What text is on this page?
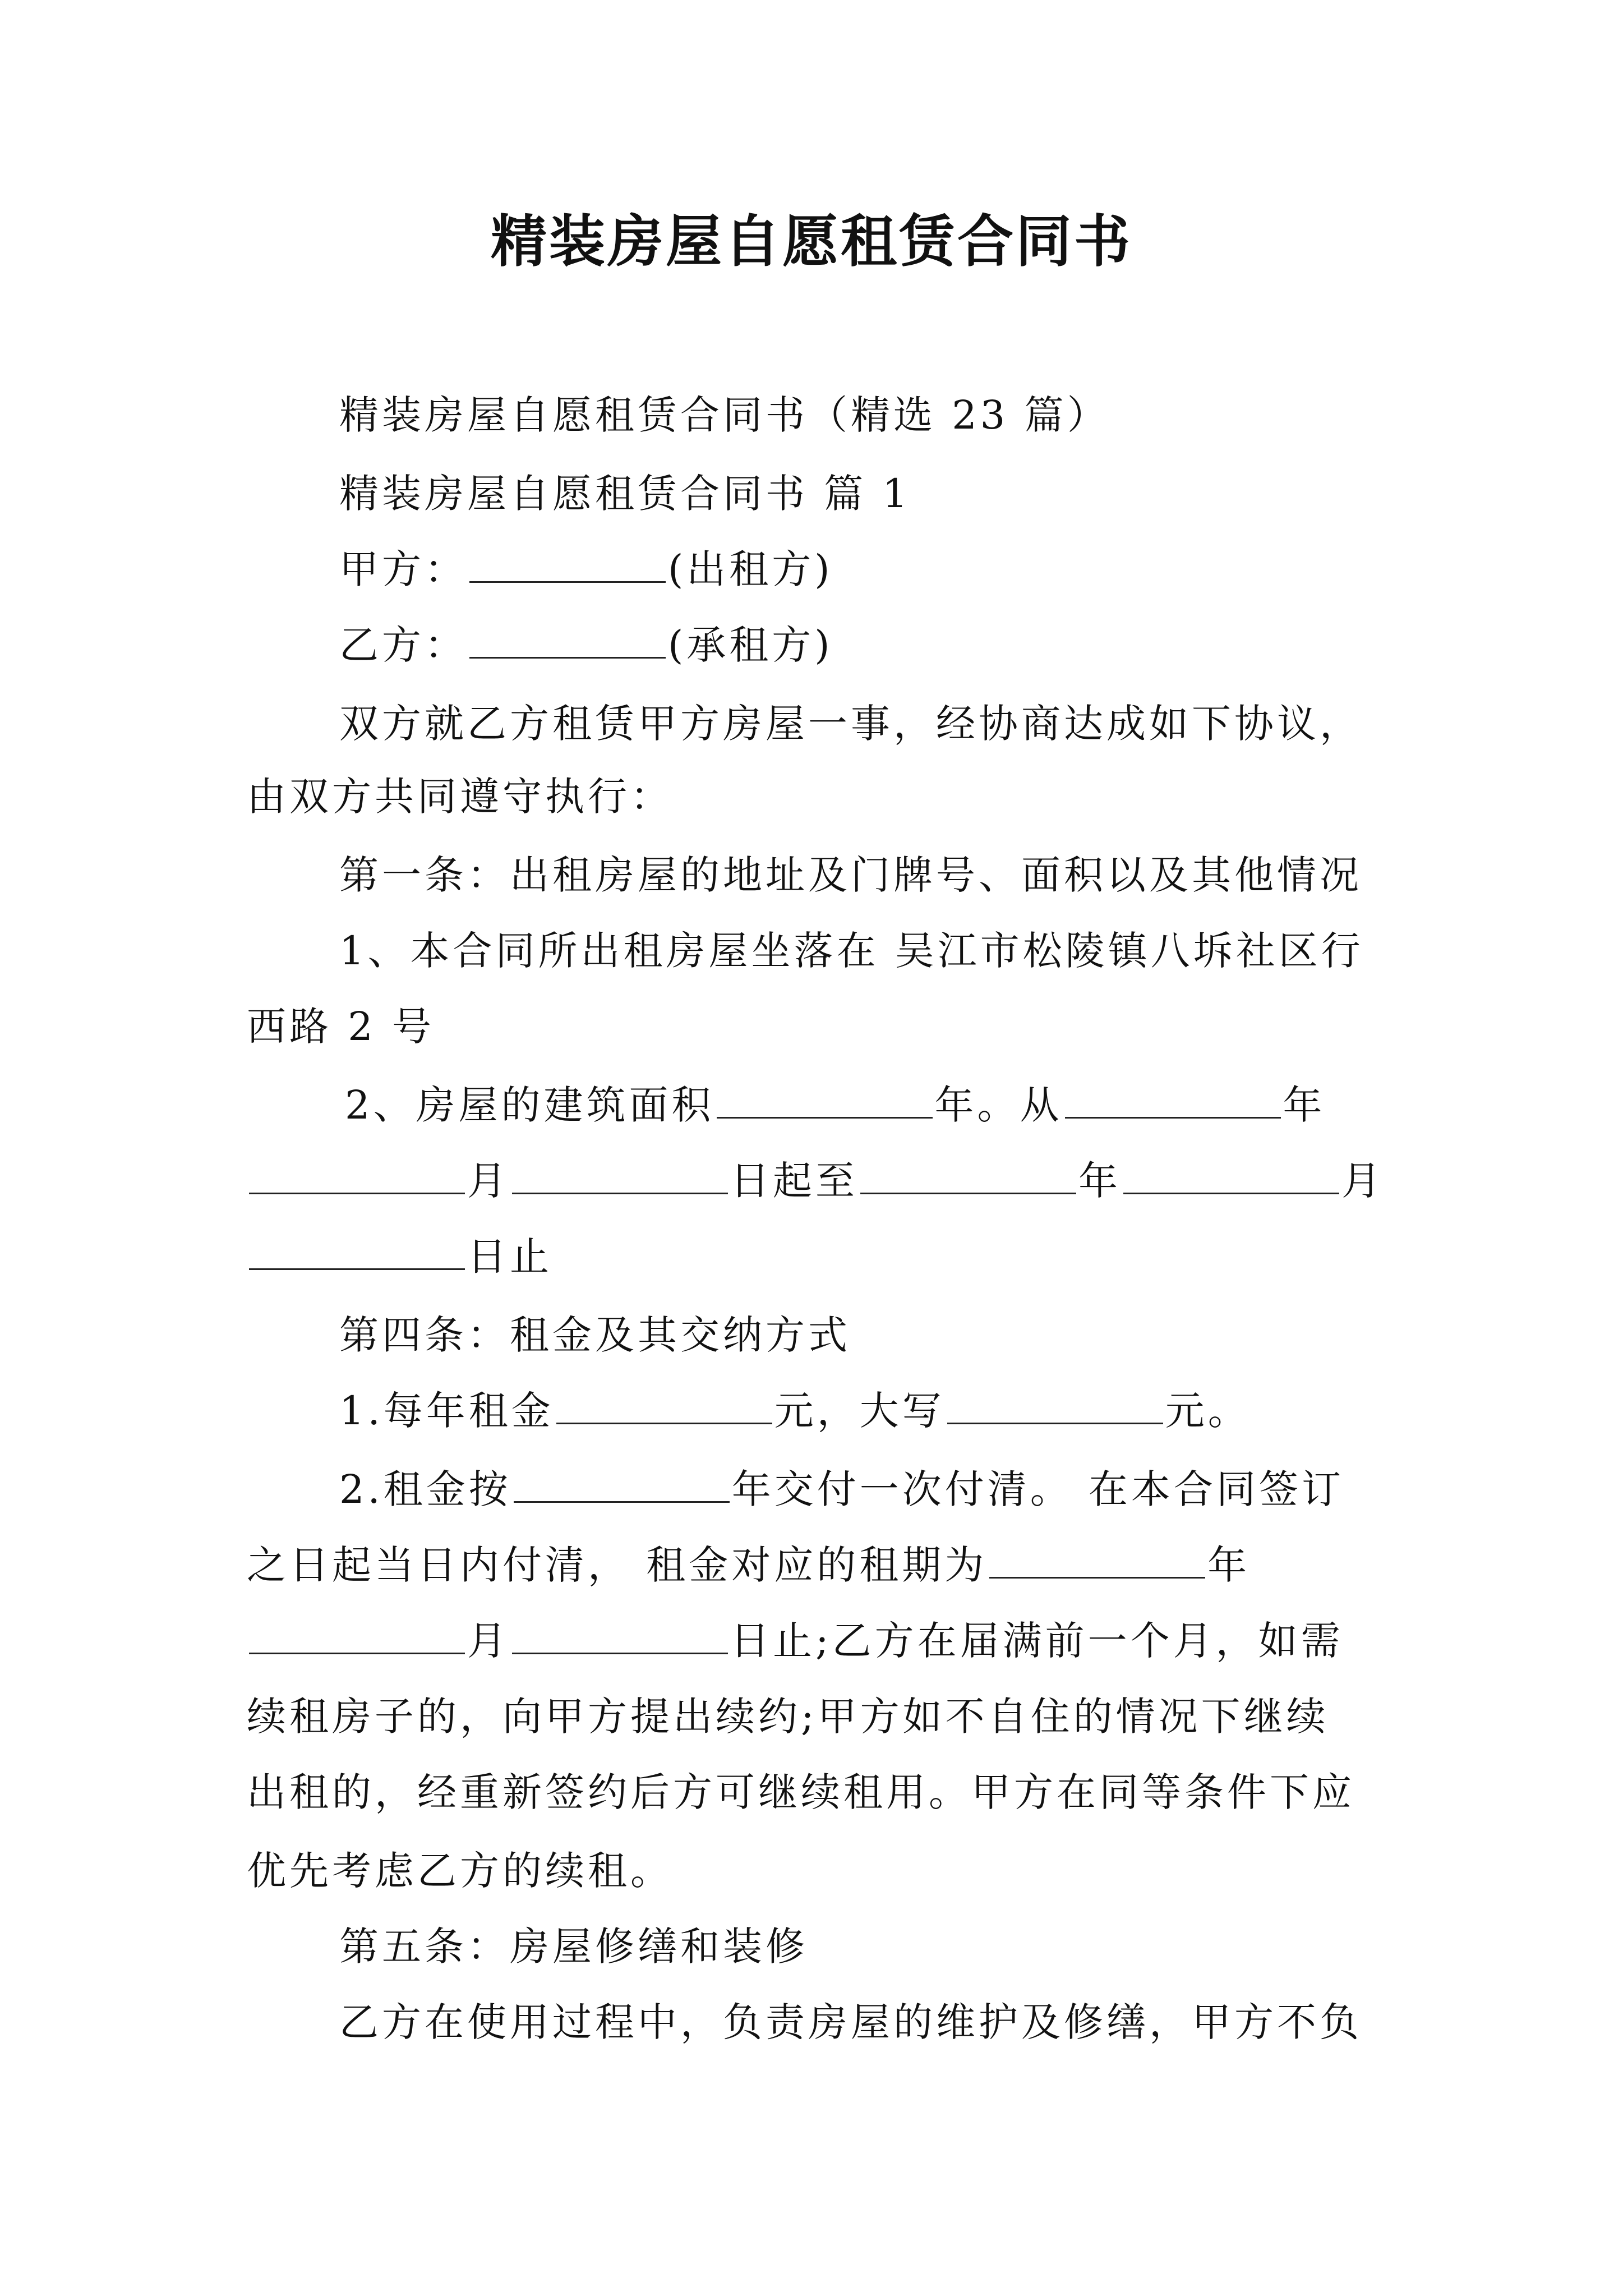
精装房屋自愿租赁合同书
精装房屋自愿租赁合同书（精选 23 篇）
精装房屋自愿租赁合同书 篇 1
甲方：	(出租方)
乙方：	(承租方)
双方就乙方租赁甲方房屋一事，经协商达成如下协议，
由双方共同遵守执行：
第一条：出租房屋的地址及门牌号、面积以及其他情况
1、本合同所出租房屋坐落在 吴江市松陵镇八坼社区行
西路 2 号
2、房屋的建筑面积	年。从	年
月	日起至	年	月
日止
第四条：租金及其交纳方式
1.每年租金	元，大写	元。
2.租金按	年交付一次付清。 在本合同签订
之日起当日内付清， 租金对应的租期为	年
月	日止;乙方在届满前一个月，如需
续租房子的，向甲方提出续约;甲方如不自住的情况下继续
出租的，经重新签约后方可继续租用。甲方在同等条件下应
优先考虑乙方的续租。
第五条：房屋修缮和装修
乙方在使用过程中，负责房屋的维护及修缮，甲方不负
